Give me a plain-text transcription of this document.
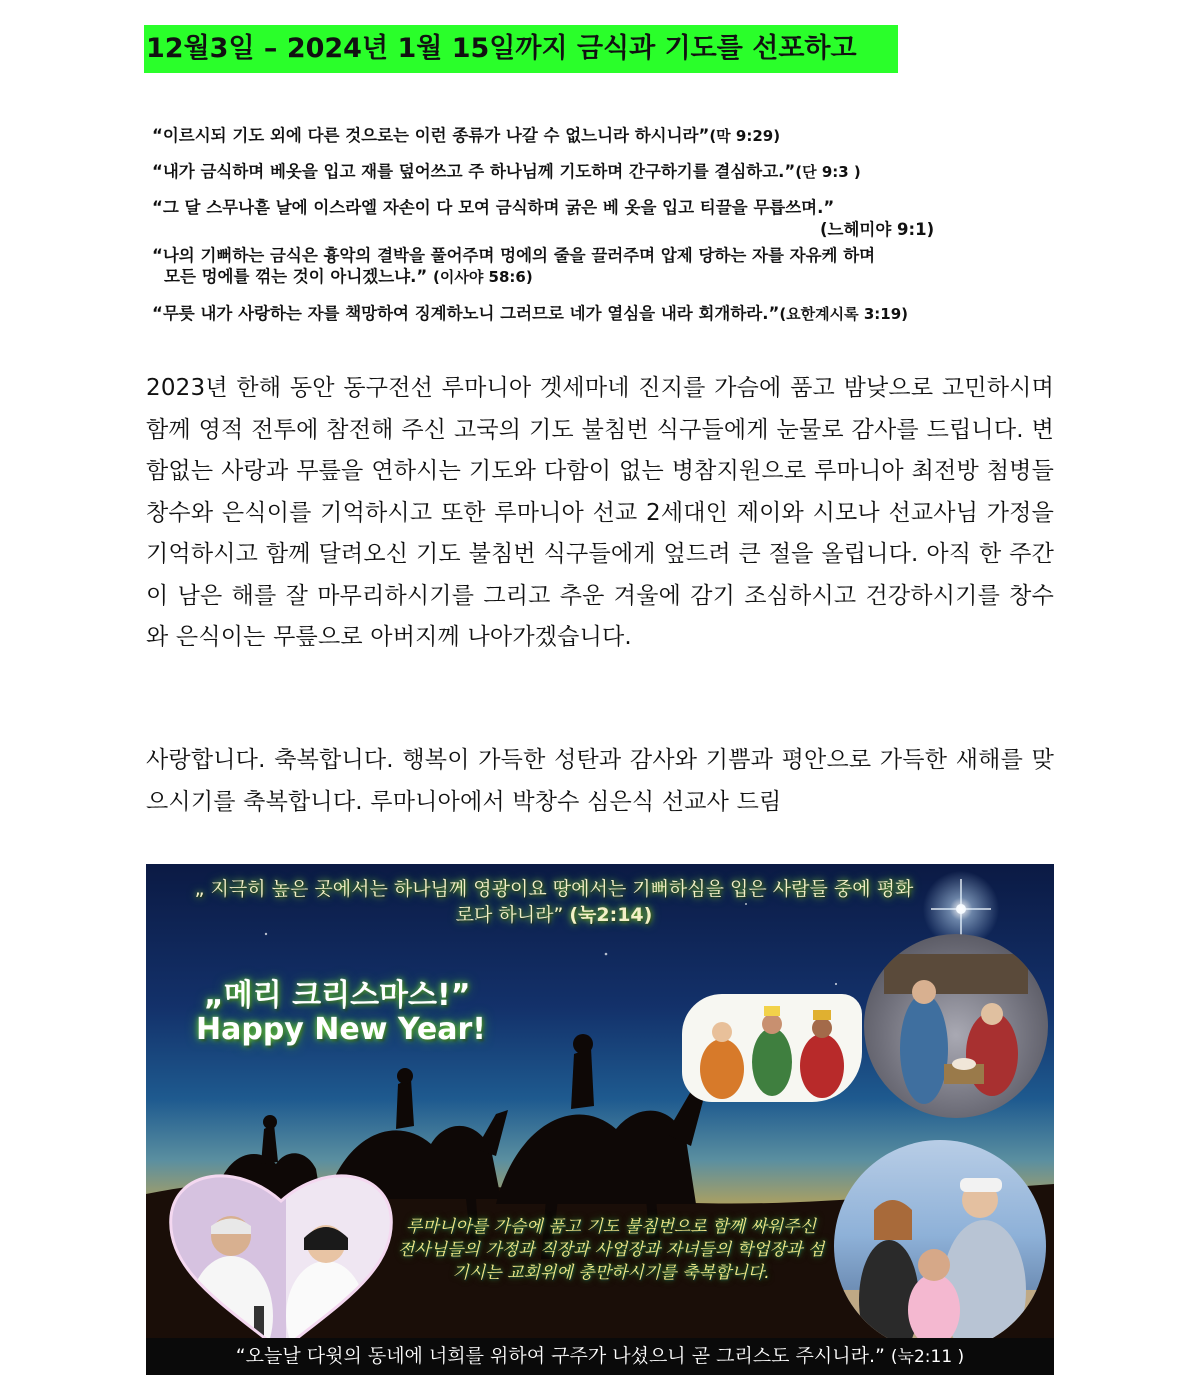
12월3일 – 2024년 1월 15일까지 금식과 기도를 선포하고
“이르시되 기도 외에 다른 것으로는 이런 종류가 나갈 수 없느니라 하시니라”(막 9:29)
“내가 금식하며 베옷을 입고 재를 덮어쓰고 주 하나님께 기도하며 간구하기를 결심하고.”(단 9:3 )
“그 달 스무나흗 날에 이스라엘 자손이 다 모여 금식하며 굵은 베 옷을 입고 티끌을 무릅쓰며.”
(느헤미야 9:1)
“나의 기뻐하는 금식은 흉악의 결박을 풀어주며 멍에의 줄을 끌러주며 압제 당하는 자를 자유케 하며
모든 멍에를 꺾는 것이 아니겠느냐.” (이사야 58:6)
“무릇 내가 사랑하는 자를 책망하여 징계하노니 그러므로 네가 열심을 내라 회개하라.”(요한계시록 3:19)
2023년 한해 동안 동구전선 루마니아 겟세마네 진지를 가슴에 품고 밤낮으로 고민하시며 함께 영적 전투에 참전해 주신 고국의 기도 불침번 식구들에게 눈물로 감사를 드립니다. 변함없는 사랑과 무릎을 연하시는 기도와 다함이 없는 병참지원으로 루마니아 최전방 첨병들 창수와 은식이를 기억하시고 또한 루마니아 선교 2세대인 제이와 시모나 선교사님 가정을 기억하시고 함께 달려오신 기도 불침번 식구들에게 엎드려 큰 절을 올립니다. 아직 한 주간이 남은 해를 잘 마무리하시기를 그리고 추운 겨울에 감기 조심하시고 건강하시기를 창수와 은식이는 무릎으로 아버지께 나아가겠습니다.
사랑합니다. 축복합니다. 행복이 가득한 성탄과 감사와 기쁨과 평안으로 가득한 새해를 맞으시기를 축복합니다. 루마니아에서 박창수 심은식 선교사 드림
„ 지극히 높은 곳에서는 하나님께 영광이요 땅에서는 기뻐하심을 입은 사람들 중에 평화로다 하니라” (눅2:14)
„메리 크리스마스!”
Happy New Year!
루마니아를 가슴에 품고 기도 불침번으로 함께 싸워주신 전사님들의 가정과 직장과 사업장과 자녀들의 학업장과 섬기시는 교회위에 충만하시기를 축복합니다.
“오늘날 다윗의 동네에 너희를 위하여 구주가 나셨으니 곧 그리스도 주시니라.” (눅2:11 )
